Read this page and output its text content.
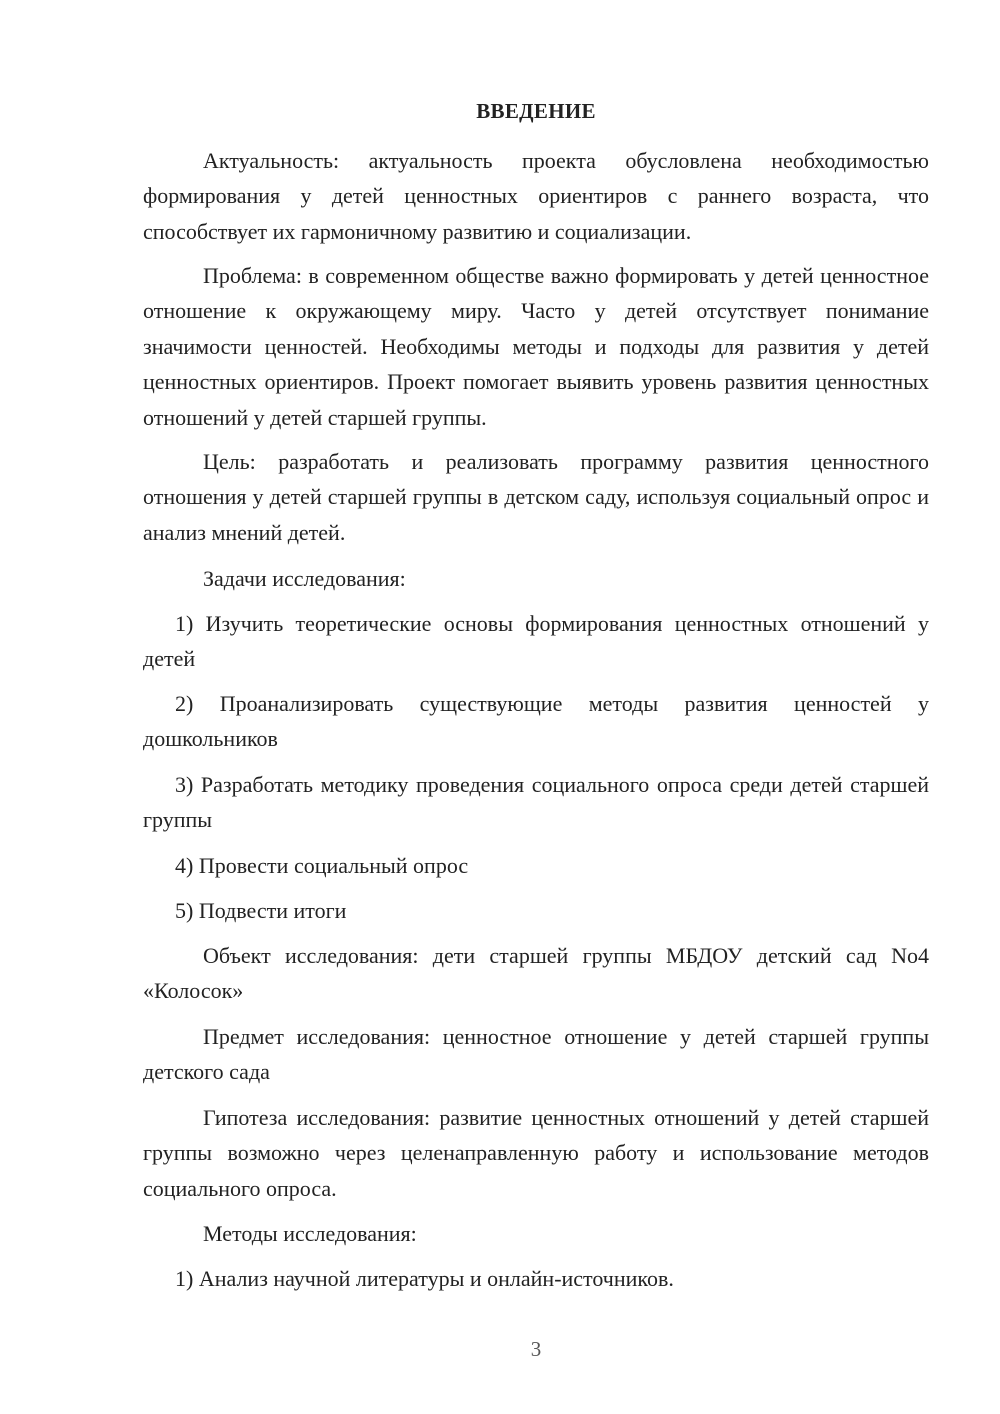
ВВЕДЕНИЕ

Актуальность: актуальность проекта обусловлена необходимостью формирования у детей ценностных ориентиров с раннего возраста, что способствует их гармоничному развитию и социализации.

Проблема: в современном обществе важно формировать у детей ценностное отношение к окружающему миру. Часто у детей отсутствует понимание значимости ценностей. Необходимы методы и подходы для развития у детей ценностных ориентиров. Проект помогает выявить уровень развития ценностных отношений у детей старшей группы.

Цель: разработать и реализовать программу развития ценностного отношения у детей старшей группы в детском саду, используя социальный опрос и анализ мнений детей.

Задачи исследования:

1) Изучить теоретические основы формирования ценностных отношений у детей

2) Проанализировать существующие методы развития ценностей у дошкольников

3) Разработать методику проведения социального опроса среди детей старшей группы

4) Провести социальный опрос

5) Подвести итоги

Объект исследования: дети старшей группы МБДОУ детский сад No4 «Колосок»

Предмет исследования: ценностное отношение у детей старшей группы детского сада

Гипотеза исследования: развитие ценностных отношений у детей старшей группы возможно через целенаправленную работу и использование методов социального опроса.

Методы исследования:

1) Анализ научной литературы и онлайн-источников.

3
